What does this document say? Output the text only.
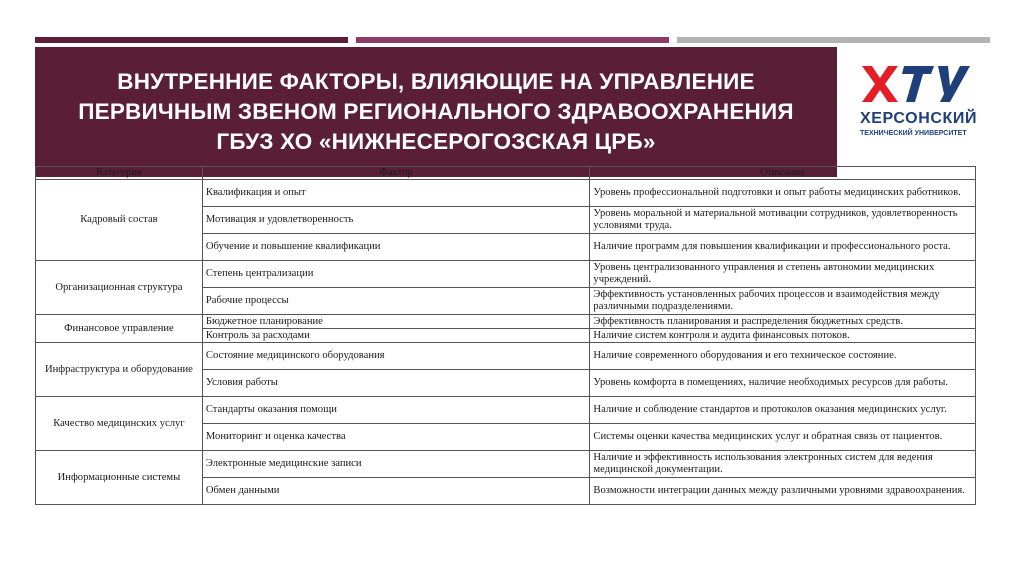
ВНУТРЕННИЕ ФАКТОРЫ, ВЛИЯЮЩИЕ НА УПРАВЛЕНИЕ
ПЕРВИЧНЫМ ЗВЕНОМ РЕГИОНАЛЬНОГО ЗДРАВООХРАНЕНИЯ
ГБУЗ ХО «НИЖНЕСЕРОГОЗСКАЯ ЦРБ»
ХЕРСОНСКИЙ
ТЕХНИЧЕСКИЙ УНИВЕРСИТЕТ
Категория	Фактор	Описание
Кадровый состав	Квалификация и опыт	Уровень профессиональной подготовки и опыт работы медицинских работников.
	Мотивация и удовлетворенность	Уровень моральной и материальной мотивации сотрудников, удовлетворенность условиями труда.
	Обучение и повышение квалификации	Наличие программ для повышения квалификации и профессионального роста.
Организационная структура	Степень централизации	Уровень централизованного управления и степень автономии медицинских учреждений.
	Рабочие процессы	Эффективность установленных рабочих процессов и взаимодействия между различными подразделениями.
Финансовое управление	Бюджетное планирование	Эффективность планирования и распределения бюджетных средств.
	Контроль за расходами	Наличие систем контроля и аудита финансовых потоков.
Инфраструктура и оборудование	Состояние медицинского оборудования	Наличие современного оборудования и его техническое состояние.
	Условия работы	Уровень комфорта в помещениях, наличие необходимых ресурсов для работы.
Качество медицинских услуг	Стандарты оказания помощи	Наличие и соблюдение стандартов и протоколов оказания медицинских услуг.
	Мониторинг и оценка качества	Системы оценки качества медицинских услуг и обратная связь от пациентов.
Информационные системы	Электронные медицинские записи	Наличие и эффективность использования электронных систем для ведения медицинской документации.
	Обмен данными	Возможности интеграции данных между различными уровнями здравоохранения.
